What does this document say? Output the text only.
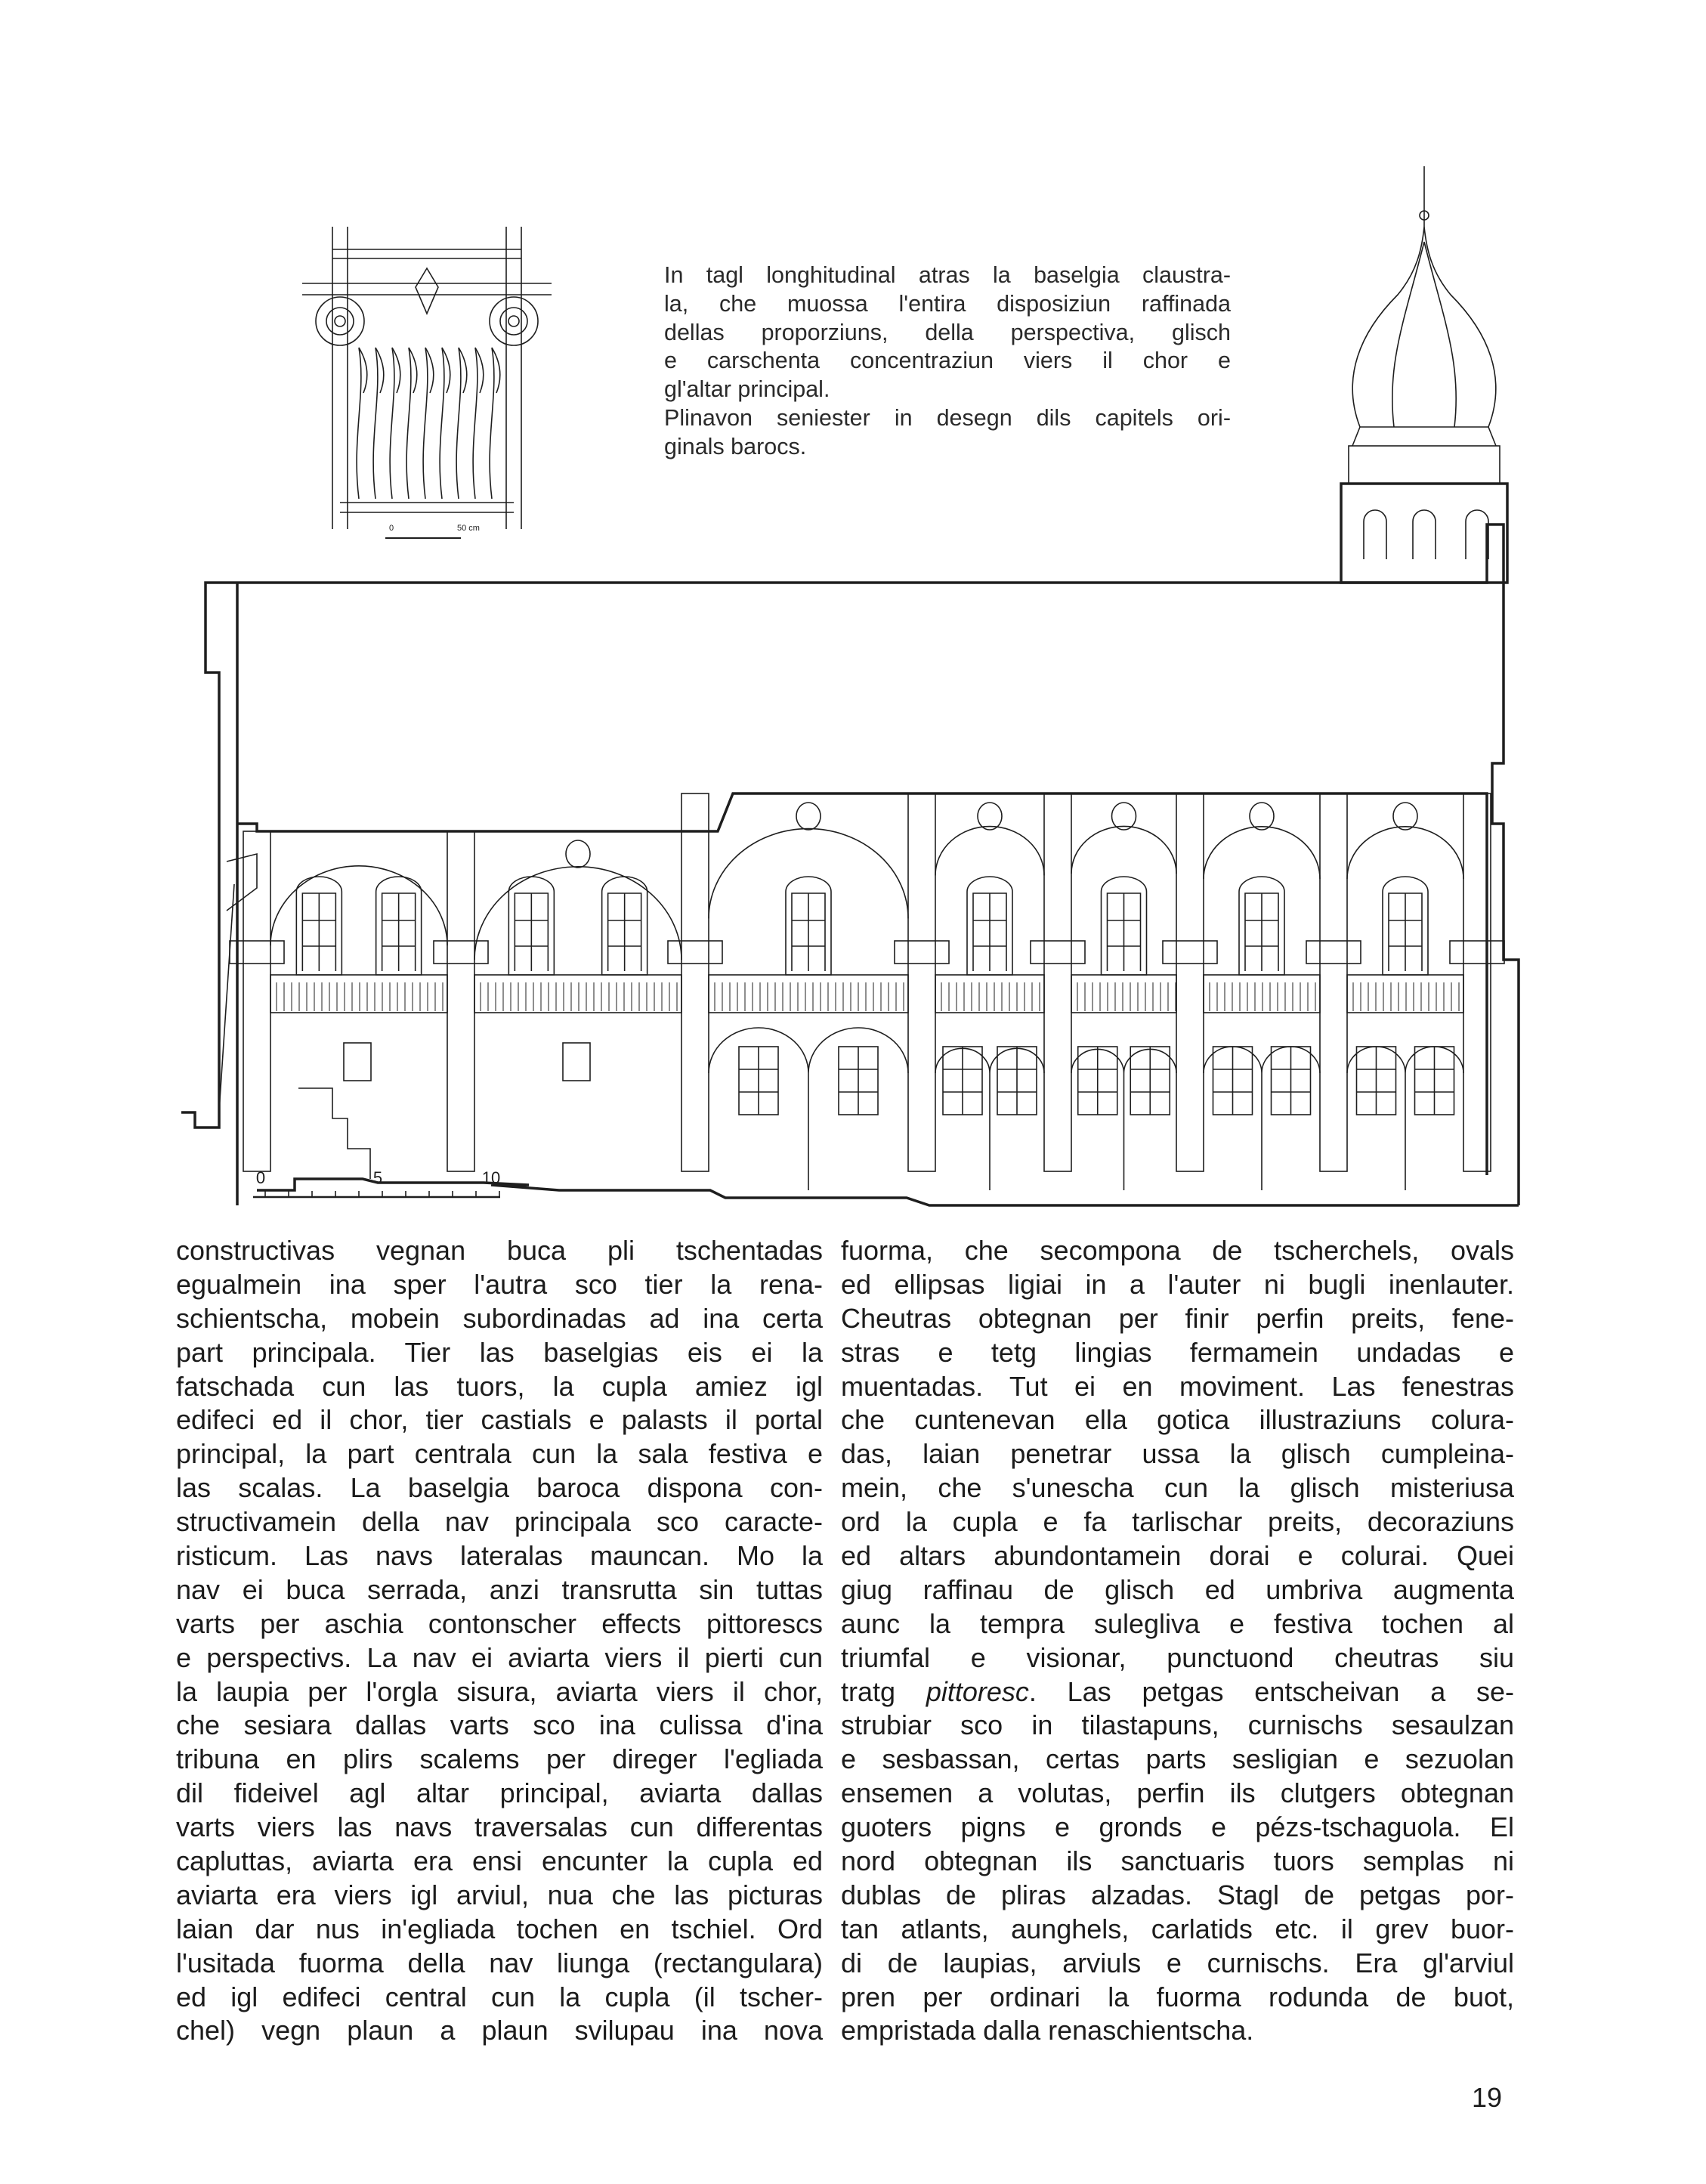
0	5	10
0	50 cm
In tagl longhitudinal atras la baselgia claustra-
la, che muossa l'entira disposiziun raffinada
dellas proporziuns, della perspectiva, glisch
e carschenta concentraziun viers il chor e
gl'altar principal.
Plinavon seniester in desegn dils capitels ori-
ginals barocs.
constructivas vegnan buca pli tschentadas
egualmein ina sper l'autra sco tier la rena-
schientscha, mobein subordinadas ad ina certa
part principala. Tier las baselgias eis ei la
fatschada cun las tuors, la cupla amiez igl
edifeci ed il chor, tier castials e palasts il portal
principal, la part centrala cun la sala festiva e
las scalas. La baselgia baroca dispona con-
structivamein della nav principala sco caracte-
risticum. Las navs lateralas mauncan. Mo la
nav ei buca serrada, anzi transrutta sin tuttas
varts per aschia contonscher effects pittorescs
e perspectivs. La nav ei aviarta viers il pierti cun
la laupia per l'orgla sisura, aviarta viers il chor,
che sesiara dallas varts sco ina culissa d'ina
tribuna en plirs scalems per direger l'egliada
dil fideivel agl altar principal, aviarta dallas
varts viers las navs traversalas cun differentas
capluttas, aviarta era ensi encunter la cupla ed
aviarta era viers igl arviul, nua che las picturas
laian dar nus in'egliada tochen en tschiel. Ord
l'usitada fuorma della nav liunga (rectangulara)
ed igl edifeci central cun la cupla (il tscher-
chel) vegn plaun a plaun svilupau ina nova
fuorma, che secompona de tscherchels, ovals
ed ellipsas ligiai in a l'auter ni bugli inenlauter.
Cheutras obtegnan per finir perfin preits, fene-
stras e tetg lingias fermamein undadas e
muentadas. Tut ei en moviment. Las fenestras
che cuntenevan ella gotica illustraziuns colura-
das, laian penetrar ussa la glisch cumpleina-
mein, che s'unescha cun la glisch misteriusa
ord la cupla e fa tarlischar preits, decoraziuns
ed altars abundontamein dorai e colurai. Quei
giug raffinau de glisch ed umbriva augmenta
aunc la tempra sulegliva e festiva tochen al
triumfal e visionar, punctuond cheutras siu
tratg pittoresc. Las petgas entscheivan a se-
strubiar sco in tilastapuns, curnischs sesaulzan
e sesbassan, certas parts sesligian e sezuolan
ensemen a volutas, perfin ils clutgers obtegnan
guoters pigns e gronds e pézs-tschaguola. El
nord obtegnan ils sanctuaris tuors semplas ni
dublas de pliras alzadas. Stagl de petgas por-
tan atlants, aunghels, carlatids etc. il grev buor-
di de laupias, arviuls e curnischs. Era gl'arviul
pren per ordinari la fuorma rodunda de buot,
empristada dalla renaschientscha.
19
